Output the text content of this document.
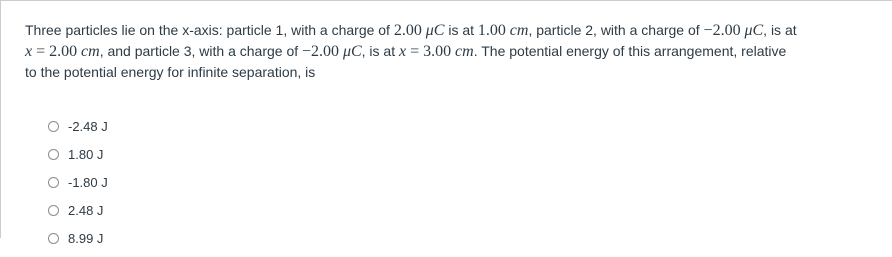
Three particles lie on the x-axis: particle 1, with a charge of 2.00 μC is at 1.00 cm, particle 2, with a charge of −2.00 μC, is at
x = 2.00 cm, and particle 3, with a charge of −2.00 μC, is at x = 3.00 cm. The potential energy of this arrangement, relative
to the potential energy for infinite separation, is
-2.48 J
1.80 J
-1.80 J
2.48 J
8.99 J
